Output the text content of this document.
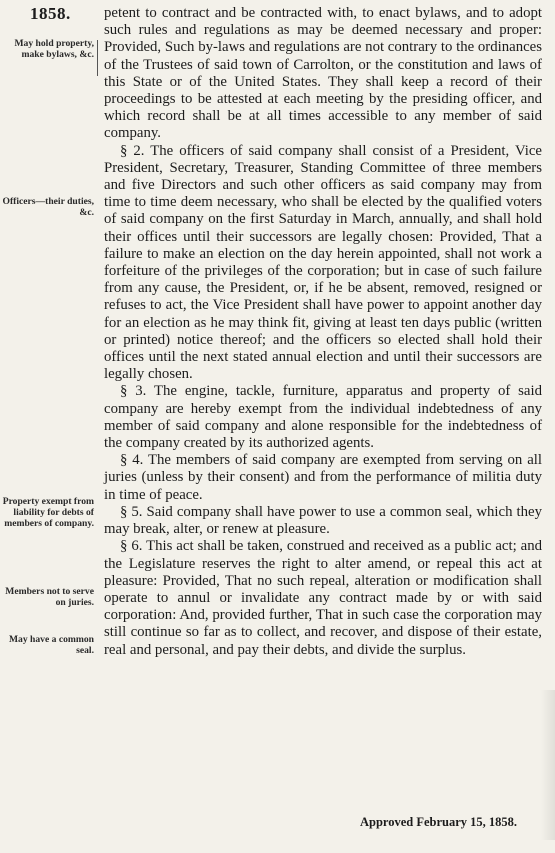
1858.
May hold property, make bylaws, &c.
Officers—their duties, &c.
Property exempt from liability for debts of members of company.
Members not to serve on juries.
May have a common seal.

petent to contract and be contracted with, to enact bylaws, and to adopt such rules and regulations as may be deemed necessary and proper: Provided, Such by-laws and regulations are not contrary to the ordinances of the Trustees of said town of Carrolton, or the constitution and laws of this State or of the United States. They shall keep a record of their proceedings to be attested at each meeting by the presiding officer, and which record shall be at all times accessible to any member of said company.

§ 2. The officers of said company shall consist of a President, Vice President, Secretary, Treasurer, Standing Committee of three members and five Directors and such other officers as said company may from time to time deem necessary, who shall be elected by the qualified voters of said company on the first Saturday in March, annually, and shall hold their offices until their successors are legally chosen: Provided, That a failure to make an election on the day herein appointed, shall not work a forfeiture of the privileges of the corporation; but in case of such failure from any cause, the President, or, if he be absent, removed, resigned or refuses to act, the Vice President shall have power to appoint another day for an election as he may think fit, giving at least ten days public (written or printed) notice thereof; and the officers so elected shall hold their offices until the next stated annual election and until their successors are legally chosen.

§ 3. The engine, tackle, furniture, apparatus and property of said company are hereby exempt from the individual indebtedness of any member of said company and alone responsible for the indebtedness of the company created by its authorized agents.

§ 4. The members of said company are exempted from serving on all juries (unless by their consent) and from the performance of militia duty in time of peace.

§ 5. Said company shall have power to use a common seal, which they may break, alter, or renew at pleasure.

§ 6. This act shall be taken, construed and received as a public act; and the Legislature reserves the right to alter amend, or repeal this act at pleasure: Provided, That no such repeal, alteration or modification shall operate to annul or invalidate any contract made by or with said corporation: And, provided further, That in such case the corporation may still continue so far as to collect, and recover, and dispose of their estate, real and personal, and pay their debts, and divide the surplus.

Approved February 15, 1858.
